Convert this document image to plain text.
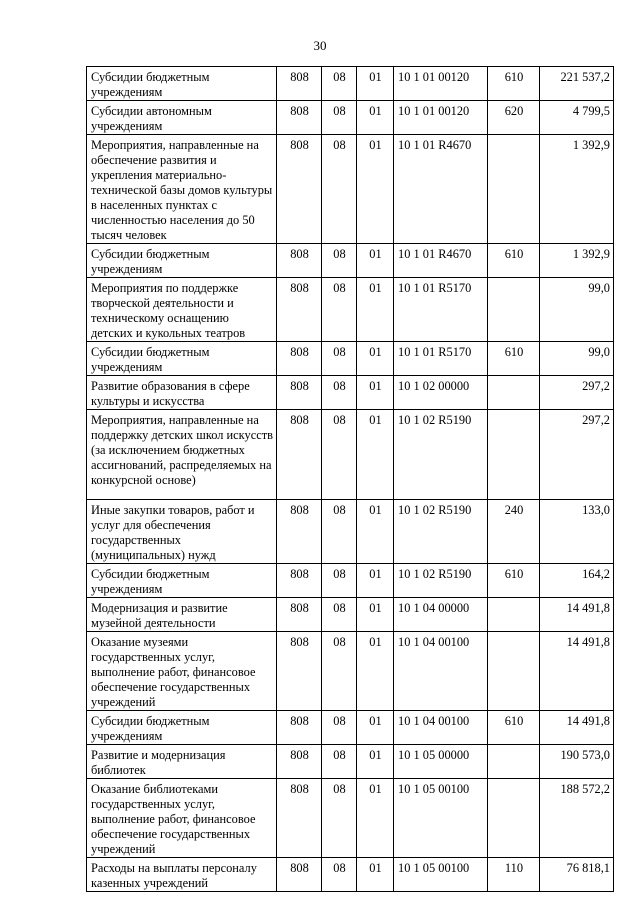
30
Субсидии бюджетным учреждениям	808	08	01	10 1 01 00120	610	221 537,2
Субсидии автономным учреждениям	808	08	01	10 1 01 00120	620	4 799,5
Мероприятия, направленные на обеспечение развития и укрепления материально-технической базы домов культуры в населенных пунктах с численностью населения до 50 тысяч человек	808	08	01	10 1 01 R4670		1 392,9
Субсидии бюджетным учреждениям	808	08	01	10 1 01 R4670	610	1 392,9
Мероприятия по поддержке творческой деятельности и техническому оснащению детских и кукольных театров	808	08	01	10 1 01 R5170		99,0
Субсидии бюджетным учреждениям	808	08	01	10 1 01 R5170	610	99,0
Развитие образования в сфере культуры и искусства	808	08	01	10 1 02 00000		297,2
Мероприятия, направленные на поддержку детских школ искусств (за исключением бюджетных ассигнований, распределяемых на конкурсной основе)	808	08	01	10 1 02 R5190		297,2
Иные закупки товаров, работ и услуг для обеспечения государственных (муниципальных) нужд	808	08	01	10 1 02 R5190	240	133,0
Субсидии бюджетным учреждениям	808	08	01	10 1 02 R5190	610	164,2
Модернизация и развитие музейной деятельности	808	08	01	10 1 04 00000		14 491,8
Оказание музеями государственных услуг, выполнение работ, финансовое обеспечение государственных учреждений	808	08	01	10 1 04 00100		14 491,8
Субсидии бюджетным учреждениям	808	08	01	10 1 04 00100	610	14 491,8
Развитие и модернизация библиотек	808	08	01	10 1 05 00000		190 573,0
Оказание библиотеками государственных услуг, выполнение работ, финансовое обеспечение государственных учреждений	808	08	01	10 1 05 00100		188 572,2
Расходы на выплаты персоналу казенных учреждений	808	08	01	10 1 05 00100	110	76 818,1
